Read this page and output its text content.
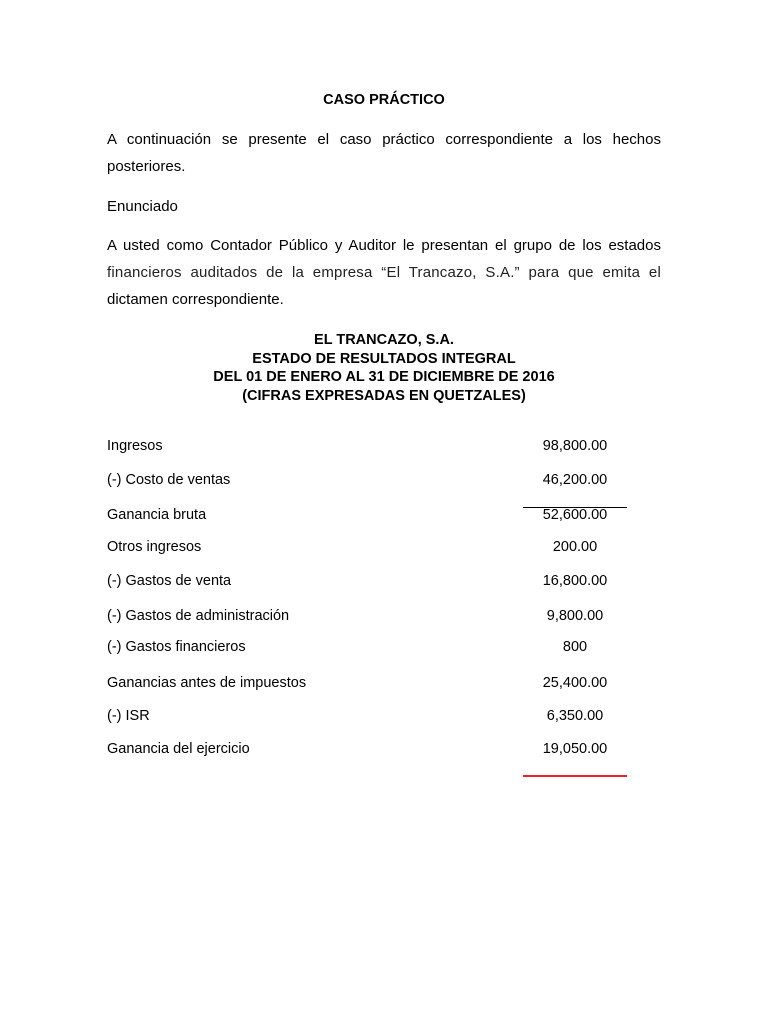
CASO PRÁCTICO
A continuación se presente el caso práctico correspondiente a los hechos
posteriores.
Enunciado
A usted como Contador Público y Auditor le presentan el grupo de los estados
financieros auditados de la empresa “El Trancazo, S.A.” para que emita el
dictamen correspondiente.
EL TRANCAZO, S.A.
ESTADO DE RESULTADOS INTEGRAL
DEL 01 DE ENERO AL 31 DE DICIEMBRE DE 2016
(CIFRAS EXPRESADAS EN QUETZALES)
Ingresos	98,800.00
(-) Costo de ventas	46,200.00
Ganancia bruta	52,600.00
Otros ingresos	200.00
(-) Gastos de venta	16,800.00
(-) Gastos de administración	9,800.00
(-) Gastos financieros	800
Ganancias antes de impuestos	25,400.00
(-) ISR	6,350.00
Ganancia del ejercicio	19,050.00
